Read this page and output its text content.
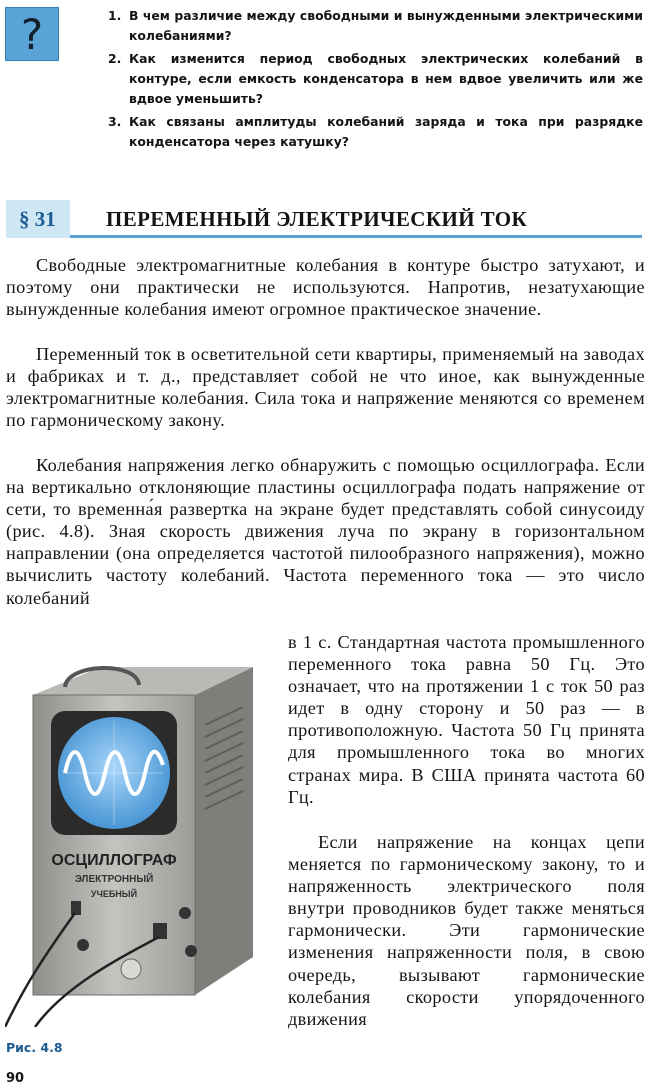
?	1. В чем различие между свободными и вынужденными электрическими колебаниями?
2. Как изменится период свободных электрических колебаний в контуре, если емкость конденсатора в нем вдвое увеличить или же вдвое уменьшить?
3. Как связаны амплитуды колебаний заряда и тока при разрядке конденсатора через катушку?
§ 31 ПЕРЕМЕННЫЙ ЭЛЕКТРИЧЕСКИЙ ТОК

Свободные электромагнитные колебания в контуре быстро затухают, и поэтому они практически не используются. Напротив, незатухающие вынужденные колебания имеют огромное практическое значение.

Переменный ток в осветительной сети квартиры, применяемый на заводах и фабриках и т. д., представляет собой не что иное, как вынужденные электромагнитные колебания. Сила тока и напряжение меняются со временем по гармоническому закону.

Колебания напряжения легко обнаружить с помощью осциллографа. Если на вертикально отклоняющие пластины осциллографа подать напряжение от сети, то временна́я развертка на экране будет представлять собой синусоиду (рис. 4.8). Зная скорость движения луча по экрану в горизонтальном направлении (она определяется частотой пилообразного напряжения), можно вычислить частоту колебаний. Частота переменного тока — это число колебаний

в 1 с. Стандартная частота промышленного переменного тока равна 50 Гц. Это означает, что на протяжении 1 с ток 50 раз идет в одну сторону и 50 раз — в противоположную. Частота 50 Гц принята для промышленного тока во многих странах мира. В США принята частота 60 Гц.

Если напряжение на концах цепи меняется по гармоническому закону, то и напряженность электрического поля внутри проводников будет также меняться гармонически. Эти гармонические изменения напряженности поля, в свою очередь, вызывают гармонические колебания скорости упорядоченного движения

ОСЦИЛЛОГРАФ
ЭЛЕКТРОННЫЙ
УЧЕБНЫЙ
Рис. 4.8
90
